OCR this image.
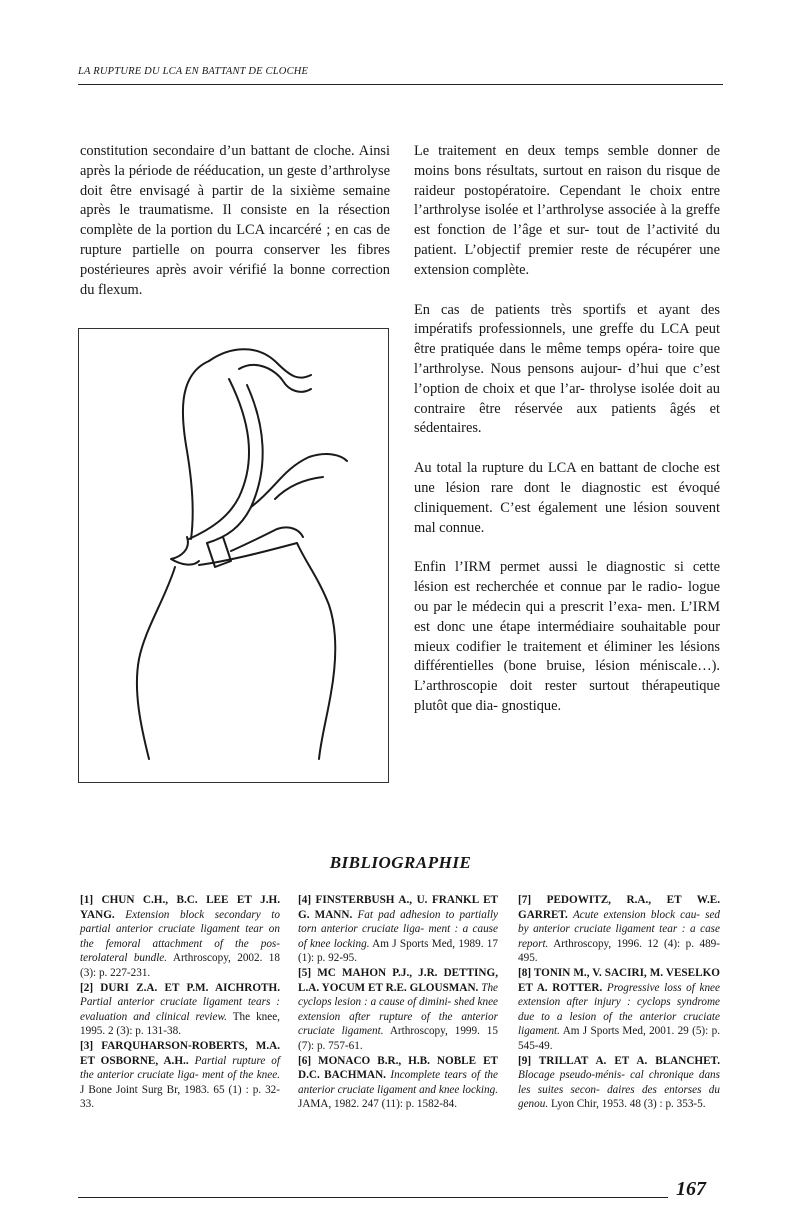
LA RUPTURE DU LCA EN BATTANT DE CLOCHE

constitution secondaire d’un battant de cloche. Ainsi après la période de rééducation, un geste d’arthrolyse doit être envisagé à partir de la sixième semaine après le traumatisme. Il consiste en la résection complète de la portion du LCA incarcéré ; en cas de rupture partielle on pourra conserver les fibres postérieures après avoir vérifié la bonne correction du flexum.

Le traitement en deux temps semble donner de moins bons résultats, surtout en raison du risque de raideur postopératoire. Cependant le choix entre l’arthrolyse isolée et l’arthrolyse associée à la greffe est fonction de l’âge et sur- tout de l’activité du patient. L’objectif premier reste de récupérer une extension complète.

En cas de patients très sportifs et ayant des impératifs professionnels, une greffe du LCA peut être pratiquée dans le même temps opéra- toire que l’arthrolyse. Nous pensons aujour- d’hui que c’est l’option de choix et que l’ar- throlyse isolée doit au contraire être réservée aux patients âgés et sédentaires.

Au total la rupture du LCA en battant de cloche est une lésion rare dont le diagnostic est évoqué cliniquement. C’est également une lésion souvent mal connue.

Enfin l’IRM permet aussi le diagnostic si cette lésion est recherchée et connue par le radio- logue ou par le médecin qui a prescrit l’exa- men. L’IRM est donc une étape intermédiaire souhaitable pour mieux codifier le traitement et éliminer les lésions différentielles (bone bruise, lésion méniscale…). L’arthroscopie doit rester surtout thérapeutique plutôt que dia- gnostique.

BIBLIOGRAPHIE

[1] CHUN C.H., B.C. LEE ET J.H. YANG. Extension block secondary to partial anterior cruciate ligament tear on the femoral attachment of the pos- terolateral bundle. Arthroscopy, 2002. 18 (3): p. 227-231.

[2] DURI Z.A. ET P.M. AICHROTH. Partial anterior cruciate ligament tears : evaluation and clinical review. The knee, 1995. 2 (3): p. 131-38.

[3] FARQUHARSON-ROBERTS, M.A. ET OSBORNE, A.H.. Partial rupture of the anterior cruciate liga- ment of the knee. J Bone Joint Surg Br, 1983. 65 (1) : p. 32-33.

[4] FINSTERBUSH A., U. FRANKL ET G. MANN. Fat pad adhesion to partially torn anterior cruciate liga- ment : a cause of knee locking. Am J Sports Med, 1989. 17 (1): p. 92-95.

[5] MC MAHON P.J., J.R. DETTING, L.A. YOCUM ET R.E. GLOUSMAN. The cyclops lesion : a cause of dimini- shed knee extension after rupture of the anterior cruciate ligament. Arthroscopy, 1999. 15 (7): p. 757-61.

[6] MONACO B.R., H.B. NOBLE ET D.C. BACHMAN. Incomplete tears of the anterior cruciate ligament and knee locking. JAMA, 1982. 247 (11): p. 1582-84.

[7] PEDOWITZ, R.A., ET W.E. GARRET. Acute extension block cau- sed by anterior cruciate ligament tear : a case report. Arthroscopy, 1996. 12 (4): p. 489-495.

[8] TONIN M., V. SACIRI, M. VESELKO ET A. ROTTER. Progressive loss of knee extension after injury : cyclops syndrome due to a lesion of the anterior cruciate ligament. Am J Sports Med, 2001. 29 (5): p. 545-49.

[9] TRILLAT A. ET A. BLANCHET. Blocage pseudo-ménis- cal chronique dans les suites secon- daires des entorses du genou. Lyon Chir, 1953. 48 (3) : p. 353-5.

167
